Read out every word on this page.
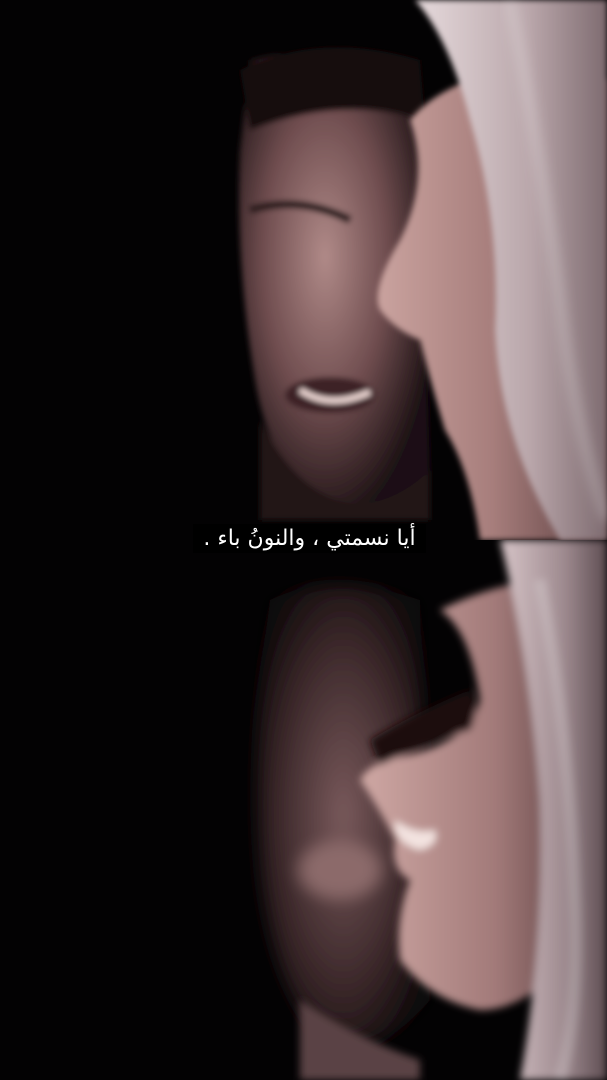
أيا نسمتي ، والنونُ باء .
